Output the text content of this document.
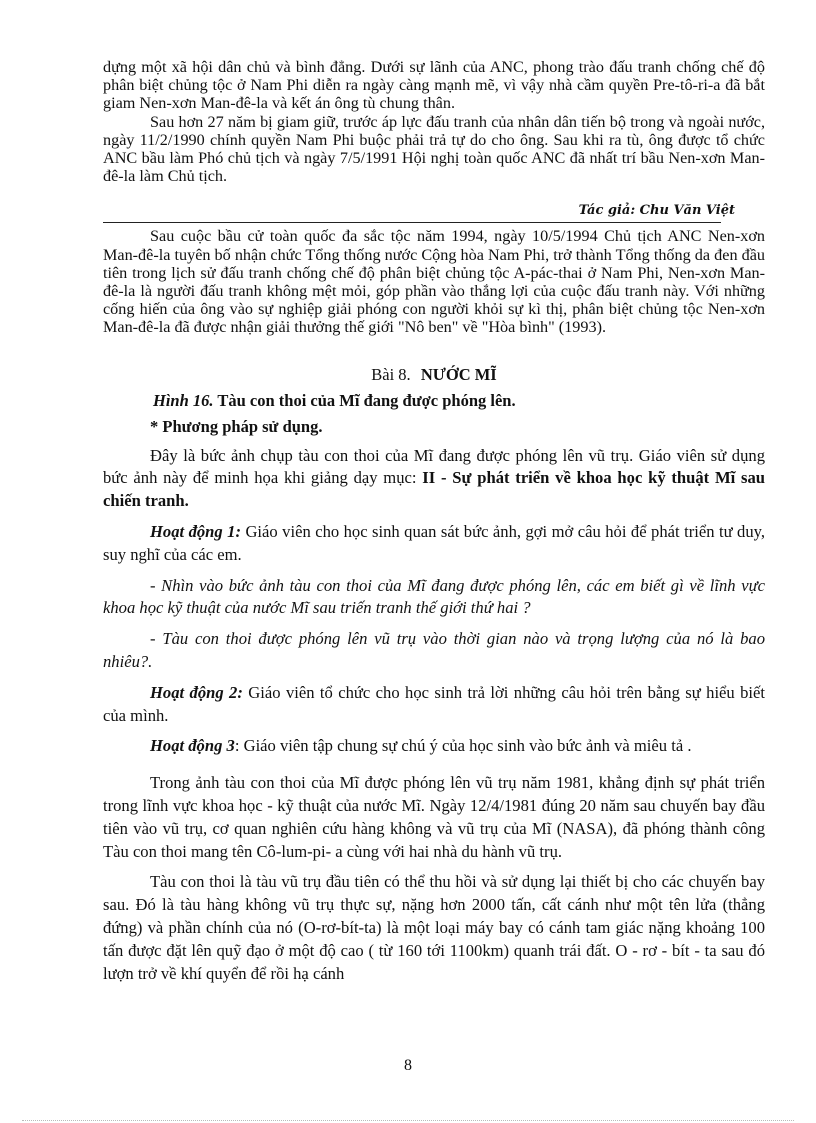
dựng một xã hội dân chủ và bình đẳng. Dưới sự lãnh của ANC, phong trào đấu tranh chống chế độ phân biệt chủng tộc ở Nam Phi diễn ra ngày càng mạnh mẽ, vì vậy nhà cầm quyền Pre-tô-ri-a đã bắt giam Nen-xơn Man-đê-la và kết án ông tù chung thân.

Sau hơn 27 năm bị giam giữ, trước áp lực đấu tranh của nhân dân tiến bộ trong và ngoài nước, ngày 11/2/1990 chính quyền Nam Phi buộc phải trả tự do cho ông. Sau khi ra tù, ông được tổ chức ANC bầu làm Phó chủ tịch và ngày 7/5/1991 Hội nghị toàn quốc ANC đã nhất trí bầu Nen-xơn Man-đê-la làm Chủ tịch.

Tác giả: Chu Văn Việt

Sau cuộc bầu cử toàn quốc đa sắc tộc năm 1994, ngày 10/5/1994 Chủ tịch ANC Nen-xơn Man-đê-la tuyên bố nhận chức Tổng thống nước Cộng hòa Nam Phi, trở thành Tổng thống da đen đầu tiên trong lịch sử đấu tranh chống chế độ phân biệt chủng tộc A-pác-thai ở Nam Phi, Nen-xơn Man-đê-la là người đấu tranh không mệt mỏi, góp phần vào thắng lợi của cuộc đấu tranh này. Với những cống hiến của ông vào sự nghiệp giải phóng con người khỏi sự kì thị, phân biệt chủng tộc Nen-xơn Man-đê-la đã được nhận giải thưởng thế giới "Nô ben" về "Hòa bình" (1993).

Bài 8. NƯỚC MĨ
Hình 16. Tàu con thoi của Mĩ đang được phóng lên.
* Phương pháp sử dụng.

Đây là bức ảnh chụp tàu con thoi của Mĩ đang được phóng lên vũ trụ. Giáo viên sử dụng bức ảnh này để minh họa khi giảng dạy mục: II - Sự phát triển về khoa học kỹ thuật Mĩ sau chiến tranh.

Hoạt động 1: Giáo viên cho học sinh quan sát bức ảnh, gợi mở câu hỏi để phát triển tư duy, suy nghĩ của các em.

- Nhìn vào bức ảnh tàu con thoi của Mĩ đang được phóng lên, các em biết gì về lĩnh vực khoa học kỹ thuật của nước Mĩ sau triến tranh thế giới thứ hai ?

- Tàu con thoi được phóng lên vũ trụ vào thời gian nào và trọng lượng của nó là bao nhiêu?.

Hoạt động 2: Giáo viên tổ chức cho học sinh trả lời những câu hỏi trên bằng sự hiểu biết của mình.

Hoạt động 3: Giáo viên tập chung sự chú ý của học sinh vào bức ảnh và miêu tả .

Trong ảnh tàu con thoi của Mĩ được phóng lên vũ trụ năm 1981, khẳng định sự phát triển trong lĩnh vực khoa học - kỹ thuật của nước Mĩ. Ngày 12/4/1981 đúng 20 năm sau chuyến bay đầu tiên vào vũ trụ, cơ quan nghiên cứu hàng không và vũ trụ của Mĩ (NASA), đã phóng thành công Tàu con thoi mang tên Cô-lum-pi- a cùng với hai nhà du hành vũ trụ.

Tàu con thoi là tàu vũ trụ đầu tiên có thể thu hồi và sử dụng lại thiết bị cho các chuyến bay sau. Đó là tàu hàng không vũ trụ thực sự, nặng hơn 2000 tấn, cất cánh như một tên lửa (thẳng đứng) và phần chính của nó (O-rơ-bít-ta) là một loại máy bay có cánh tam giác nặng khoảng 100 tấn được đặt lên quỹ đạo ở một độ cao ( từ 160 tới 1100km) quanh trái đất. O - rơ - bít - ta sau đó lượn trở về khí quyển để rồi hạ cánh

8
